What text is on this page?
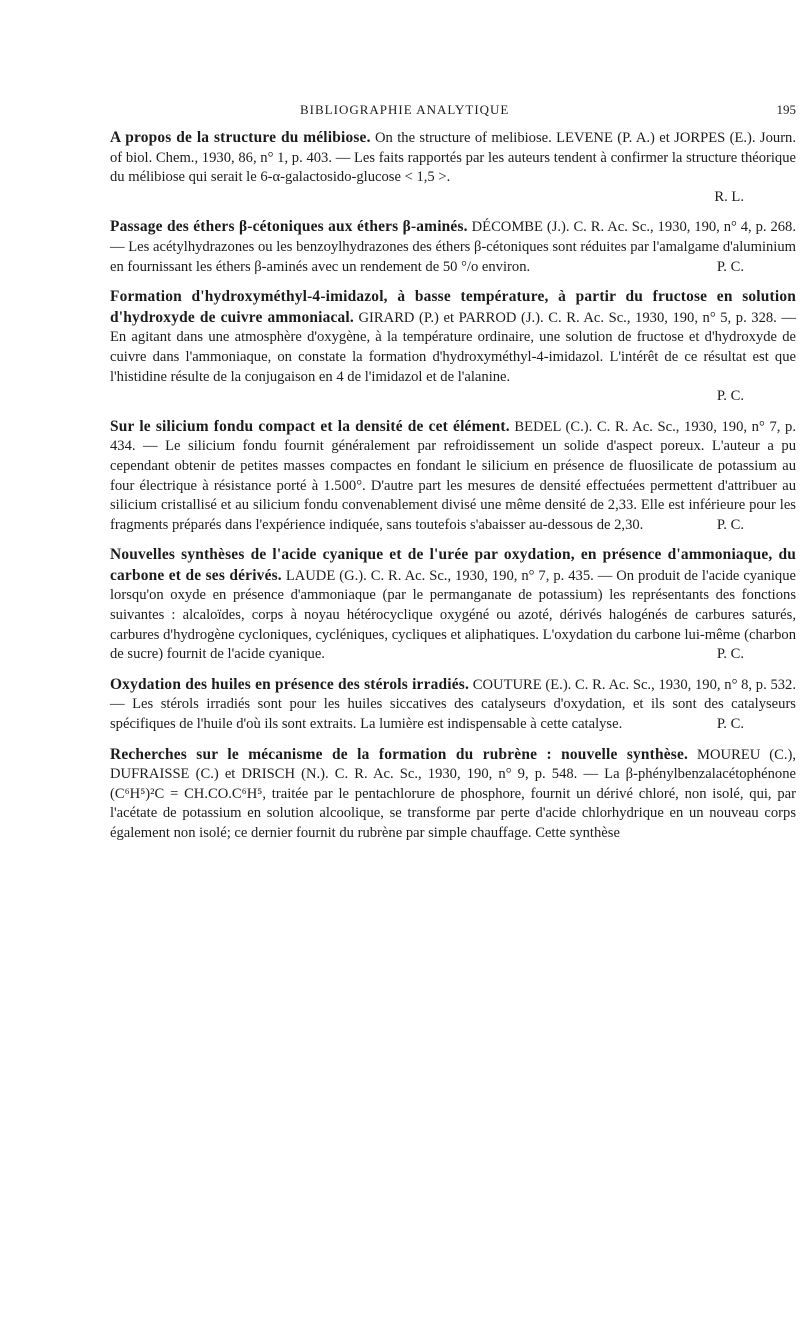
BIBLIOGRAPHIE ANALYTIQUE	195
A propos de la structure du mélibiose. On the structure of melibiose. LEVENE (P. A.) et JORPES (E.). Journ. of biol. Chem., 1930, 86, n° 1, p. 403. — Les faits rapportés par les auteurs tendent à confirmer la structure théorique du mélibiose qui serait le 6-α-galactosido-glucose < 1,5 >.
R. L.
Passage des éthers β-cétoniques aux éthers β-aminés. DÉCOMBE (J.). C. R. Ac. Sc., 1930, 190, n° 4, p. 268. — Les acétylhydrazones ou les benzoylhydrazones des éthers β-cétoniques sont réduites par l'amalgame d'aluminium en fournissant les éthers β-aminés avec un rendement de 50 °/o environ.	P. C.
Formation d'hydroxyméthyl-4-imidazol, à basse température, à partir du fructose en solution d'hydroxyde de cuivre ammoniacal. GIRARD (P.) et PARROD (J.). C. R. Ac. Sc., 1930, 190, n° 5, p. 328. — En agitant dans une atmosphère d'oxygène, à la température ordinaire, une solution de fructose et d'hydroxyde de cuivre dans l'ammoniaque, on constate la formation d'hydroxyméthyl-4-imidazol. L'intérêt de ce résultat est que l'histidine résulte de la conjugaison en 4 de l'imidazol et de l'alanine.
P. C.
Sur le silicium fondu compact et la densité de cet élément. BEDEL (C.). C. R. Ac. Sc., 1930, 190, n° 7, p. 434. — Le silicium fondu fournit généralement par refroidissement un solide d'aspect poreux. L'auteur a pu cependant obtenir de petites masses compactes en fondant le silicium en présence de fluosilicate de potassium au four électrique à résistance porté à 1.500°. D'autre part les mesures de densité effectuées permettent d'attribuer au silicium cristallisé et au silicium fondu convenablement divisé une même densité de 2,33. Elle est inférieure pour les fragments préparés dans l'expérience indiquée, sans toutefois s'abaisser au-dessous de 2,30.	P. C.
Nouvelles synthèses de l'acide cyanique et de l'urée par oxydation, en présence d'ammoniaque, du carbone et de ses dérivés. LAUDE (G.). C. R. Ac. Sc., 1930, 190, n° 7, p. 435. — On produit de l'acide cyanique lorsqu'on oxyde en présence d'ammoniaque (par le permanganate de potassium) les représentants des fonctions suivantes : alcaloïdes, corps à noyau hétérocyclique oxygéné ou azoté, dérivés halogénés de carbures saturés, carbures d'hydrogène cycloniques, cycléniques, cycliques et aliphatiques. L'oxydation du carbone lui-même (charbon de sucre) fournit de l'acide cyanique.	P. C.
Oxydation des huiles en présence des stérols irradiés. COUTURE (E.). C. R. Ac. Sc., 1930, 190, n° 8, p. 532. — Les stérols irradiés sont pour les huiles siccatives des catalyseurs d'oxydation, et ils sont des catalyseurs spécifiques de l'huile d'où ils sont extraits. La lumière est indispensable à cette catalyse.	P. C.
Recherches sur le mécanisme de la formation du rubrène : nouvelle synthèse. MOUREU (C.), DUFRAISSE (C.) et DRISCH (N.). C. R. Ac. Sc., 1930, 190, n° 9, p. 548. — La β-phénylbenzalacétophénone (C⁶H⁵)²C = CH.CO.C⁶H⁵, traitée par le pentachlorure de phosphore, fournit un dérivé chloré, non isolé, qui, par l'acétate de potassium en solution alcoolique, se transforme par perte d'acide chlorhydrique en un nouveau corps également non isolé; ce dernier fournit du rubrène par simple chauffage. Cette synthèse
